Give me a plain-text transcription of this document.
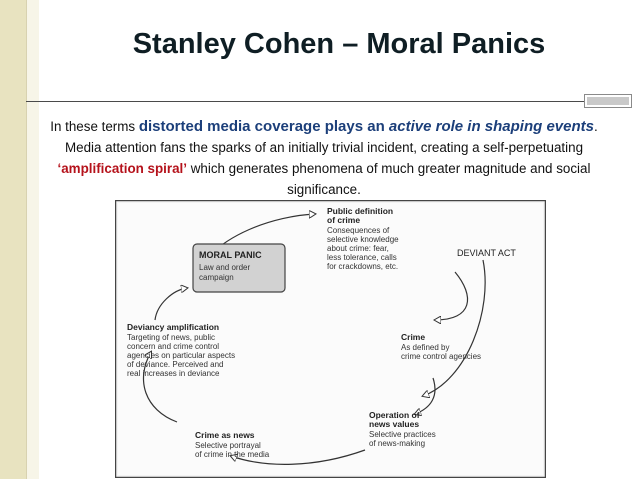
Stanley Cohen – Moral Panics

In these terms distorted media coverage plays an active role in shaping events. Media attention fans the sparks of an initially trivial incident, creating a self-perpetuating ‘amplification spiral’ which generates phenomena of much greater magnitude and social significance.

MORAL PANIC
Law and order
campaign
Public definition
of crime
Consequences of
selective knowledge
about crime: fear,
less tolerance, calls
for crackdowns, etc.
DEVIANT ACT
Crime
As defined by
crime control agencies
Operation of
news values
Selective practices
of news-making
Crime as news
Selective portrayal
of crime in the media
Deviancy amplification
Targeting of news, public
concern and crime control
agencies on particular aspects
of deviance. Perceived and
real increases in deviance
